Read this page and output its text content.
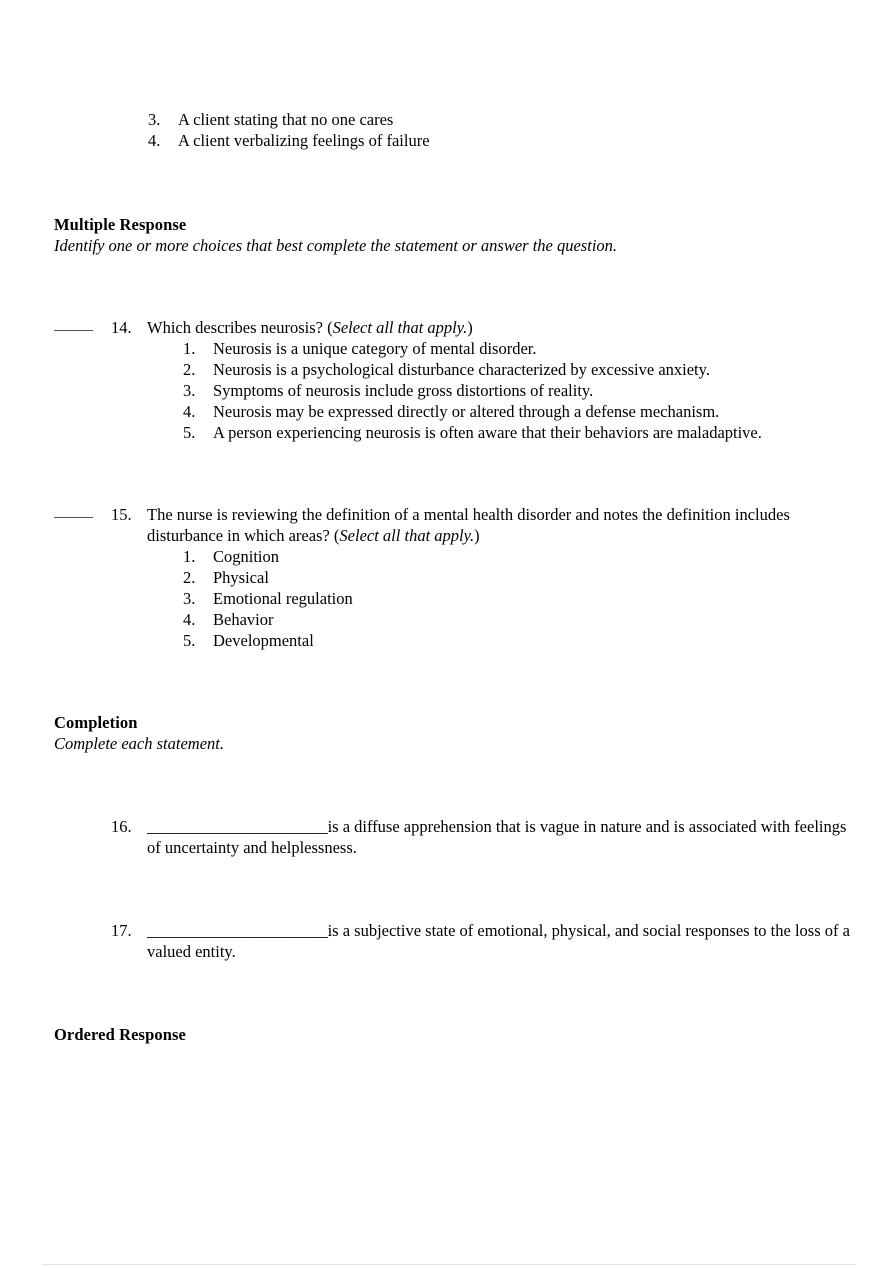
3.	A client stating that no one cares
4.	A client verbalizing feelings of failure
Multiple Response
Identify one or more choices that best complete the statement or answer the question.
14. Which describes neurosis? (Select all that apply.)
1.	Neurosis is a unique category of mental disorder.
2.	Neurosis is a psychological disturbance characterized by excessive anxiety.
3.	Symptoms of neurosis include gross distortions of reality.
4.	Neurosis may be expressed directly or altered through a defense mechanism.
5.	A person experiencing neurosis is often aware that their behaviors are maladaptive.
15. The nurse is reviewing the definition of a mental health disorder and notes the definition includes disturbance in which areas? (Select all that apply.)
1.	Cognition
2.	Physical
3.	Emotional regulation
4.	Behavior
5.	Developmental
Completion
Complete each statement.
16. _______________________is a diffuse apprehension that is vague in nature and is associated with feelings of uncertainty and helplessness.
17. _______________________is a subjective state of emotional, physical, and social responses to the loss of a valued entity.
Ordered Response
